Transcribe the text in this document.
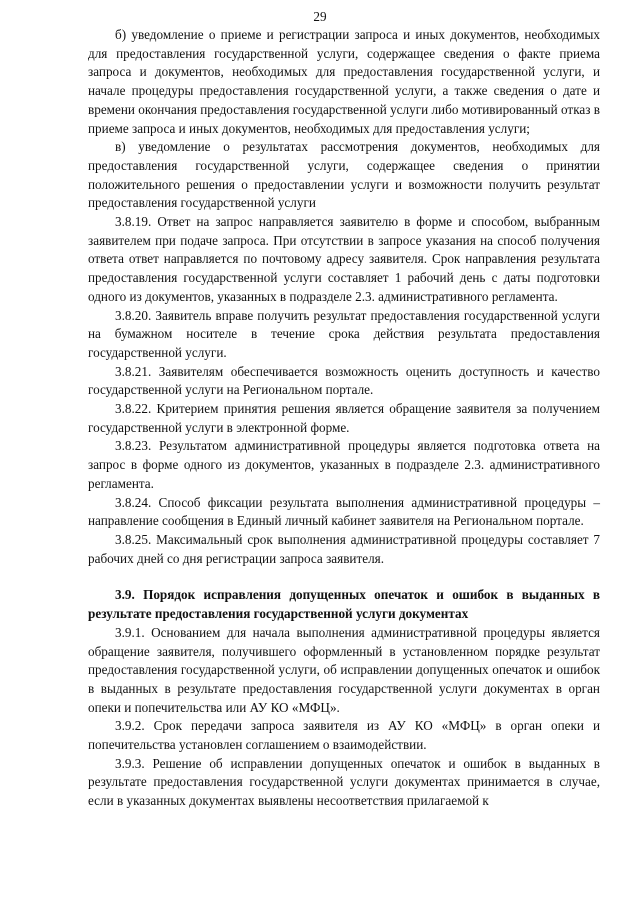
29

б) уведомление о приеме и регистрации запроса и иных документов, необходимых для предоставления государственной услуги, содержащее сведения о факте приема запроса и документов, необходимых для предоставления государственной услуги, и начале процедуры предоставления государственной услуги, а также сведения о дате и времени окончания предоставления государственной услуги либо мотивированный отказ в приеме запроса и иных документов, необходимых для предоставления услуги;

в) уведомление о результатах рассмотрения документов, необходимых для предоставления государственной услуги, содержащее сведения о принятии положительного решения о предоставлении услуги и возможности получить результат предоставления государственной услуги

3.8.19. Ответ на запрос направляется заявителю в форме и способом, выбранным заявителем при подаче запроса. При отсутствии в запросе указания на способ получения ответа ответ направляется по почтовому адресу заявителя. Срок направления результата предоставления государственной услуги составляет 1 рабочий день с даты подготовки одного из документов, указанных в подразделе 2.3. административного регламента.

3.8.20. Заявитель вправе получить результат предоставления государственной услуги на бумажном носителе в течение срока действия результата предоставления государственной услуги.

3.8.21. Заявителям обеспечивается возможность оценить доступность и качество государственной услуги на Региональном портале.

3.8.22. Критерием принятия решения является обращение заявителя за получением государственной услуги в электронной форме.

3.8.23. Результатом административной процедуры является подготовка ответа на запрос в форме одного из документов, указанных в подразделе 2.3. административного регламента.

3.8.24. Способ фиксации результата выполнения административной процедуры – направление сообщения в Единый личный кабинет заявителя на Региональном портале.

3.8.25. Максимальный срок выполнения административной процедуры составляет 7 рабочих дней со дня регистрации запроса заявителя.

3.9. Порядок исправления допущенных опечаток и ошибок в выданных в результате предоставления государственной услуги документах

3.9.1. Основанием для начала выполнения административной процедуры является обращение заявителя, получившего оформленный в установленном порядке результат предоставления государственной услуги, об исправлении допущенных опечаток и ошибок в выданных в результате предоставления государственной услуги документах в орган опеки и попечительства или АУ КО «МФЦ».

3.9.2. Срок передачи запроса заявителя из АУ КО «МФЦ» в орган опеки и попечительства установлен соглашением о взаимодействии.

3.9.3. Решение об исправлении допущенных опечаток и ошибок в выданных в результате предоставления государственной услуги документах принимается в случае, если в указанных документах выявлены несоответствия прилагаемой к
